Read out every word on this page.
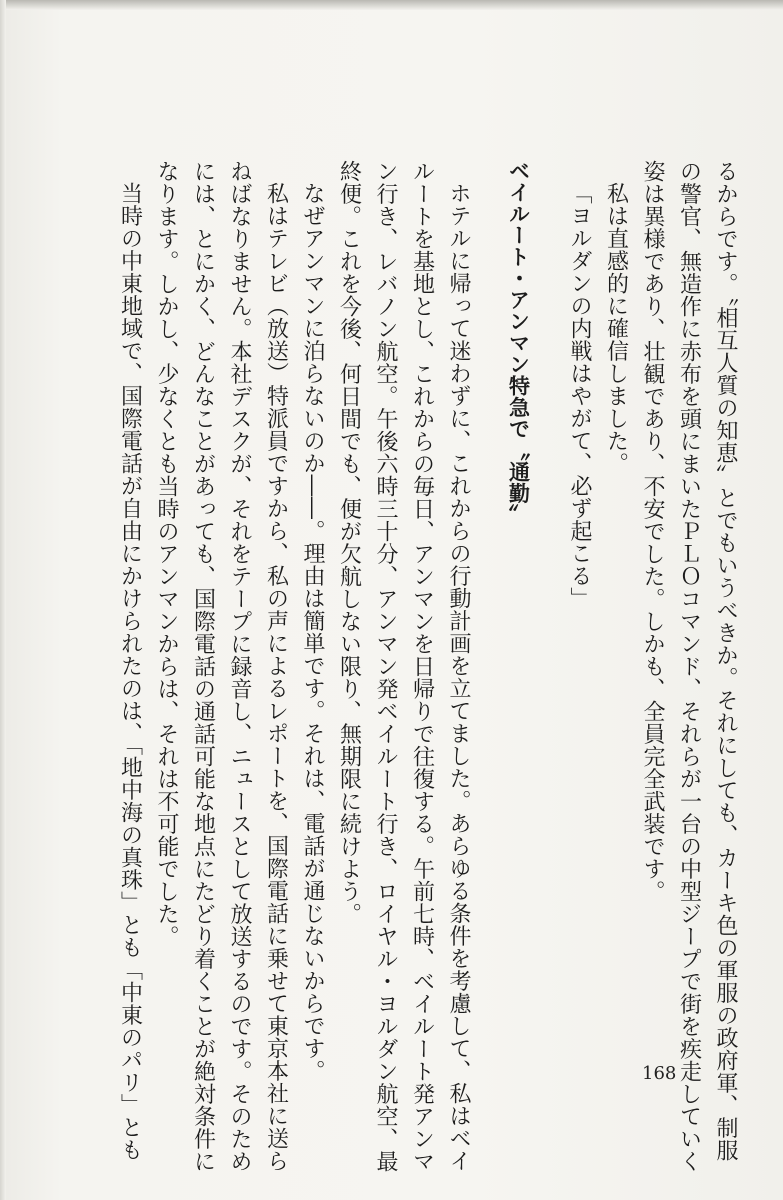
るからです。〝相互人質の知恵〟とでもいうべきか。それにしても、カーキ色の軍服の政府軍、制服
の警官、無造作に赤布を頭にまいたＰＬＯコマンド、それらが一台の中型ジープで街を疾走していく
姿は異様であり、壮観であり、不安でした。しかも、全員完全武装です。
私は直感的に確信しました。
「ヨルダンの内戦はやがて、必ず起こる」
ベイルート・アンマン特急で〝通勤〟
ホテルに帰って迷わずに、これからの行動計画を立てました。あらゆる条件を考慮して、私はベイ
ルートを基地とし、これからの毎日、アンマンを日帰りで往復する。午前七時、ベイルート発アンマ
ン行き、レバノン航空。午後六時三十分、アンマン発ベイルート行き、ロイヤル・ヨルダン航空、最
終便。これを今後、何日間でも、便が欠航しない限り、無期限に続けよう。
なぜアンマンに泊らないのか――。理由は簡単です。それは、電話が通じないからです。
私はテレビ（放送）特派員ですから、私の声によるレポートを、国際電話に乗せて東京本社に送ら
ねばなりません。本社デスクが、それをテープに録音し、ニュースとして放送するのです。そのため
には、とにかく、どんなことがあっても、国際電話の通話可能な地点にたどり着くことが絶対条件に
なります。しかし、少なくとも当時のアンマンからは、それは不可能でした。
当時の中東地域で、国際電話が自由にかけられたのは、「地中海の真珠」とも「中東のパリ」とも	168
